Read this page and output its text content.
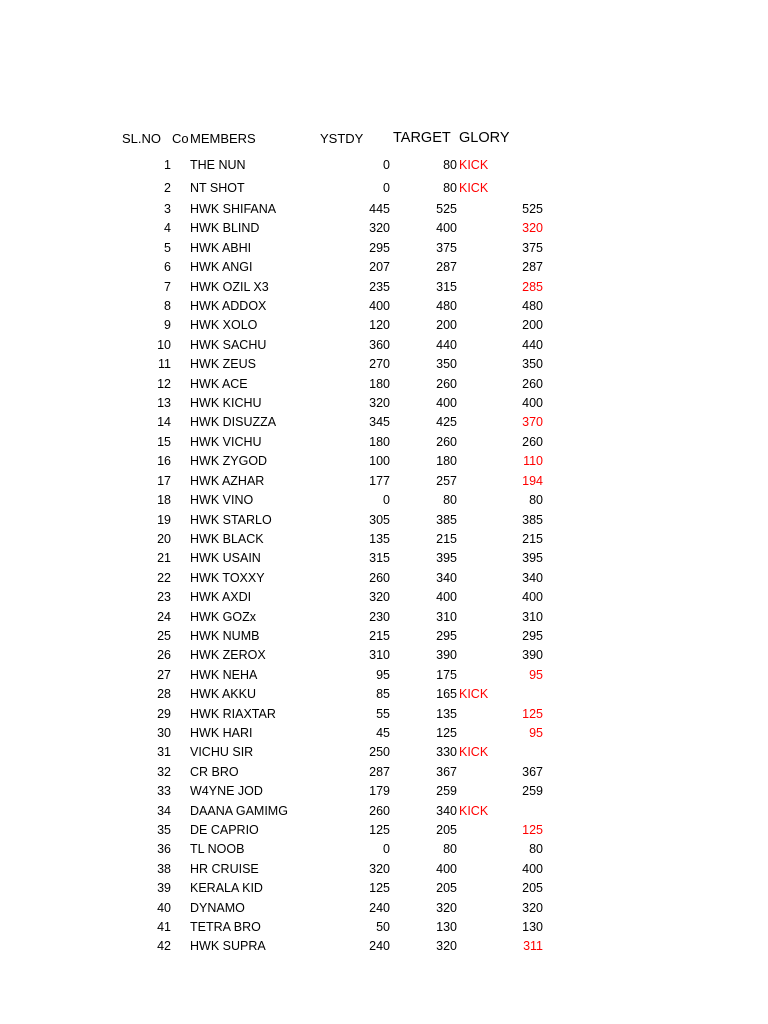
SL.NO Co MEMBERS	YSTDY TARGET GLORY
1 THE NUN	0	80 KICK
2 NT SHOT	0	80 KICK
3 HWK SHIFANA	445	525	525
4 HWK BLIND	320	400	320
5 HWK ABHI	295	375	375
6 HWK ANGI	207	287	287
7 HWK OZIL X3	235	315	285
8 HWK ADDOX	400	480	480
9 HWK XOLO	120	200	200
10 HWK SACHU	360	440	440
11 HWK ZEUS	270	350	350
12 HWK ACE	180	260	260
13 HWK KICHU	320	400	400
14 HWK DISUZZA	345	425	370
15 HWK VICHU	180	260	260
16 HWK ZYGOD	100	180	110
17 HWK AZHAR	177	257	194
18 HWK VINO	0	80	80
19 HWK STARLO	305	385	385
20 HWK BLACK	135	215	215
21 HWK USAIN	315	395	395
22 HWK TOXXY	260	340	340
23 HWK AXDI	320	400	400
24 HWK GOZx	230	310	310
25 HWK NUMB	215	295	295
26 HWK ZEROX	310	390	390
27 HWK NEHA	95	175	95
28 HWK AKKU	85	165 KICK
29 HWK RIAXTAR	55	135	125
30 HWK HARI	45	125	95
31 VICHU SIR	250	330 KICK
32 CR BRO	287	367	367
33 W4YNE JOD	179	259	259
34 DAANA GAMIMG	260	340 KICK
35 DE CAPRIO	125	205	125
36 TL NOOB	0	80	80
38 HR CRUISE	320	400	400
39 KERALA KID	125	205	205
40 DYNAMO	240	320	320
41 TETRA BRO	50	130	130
42 HWK SUPRA	240	320	311
